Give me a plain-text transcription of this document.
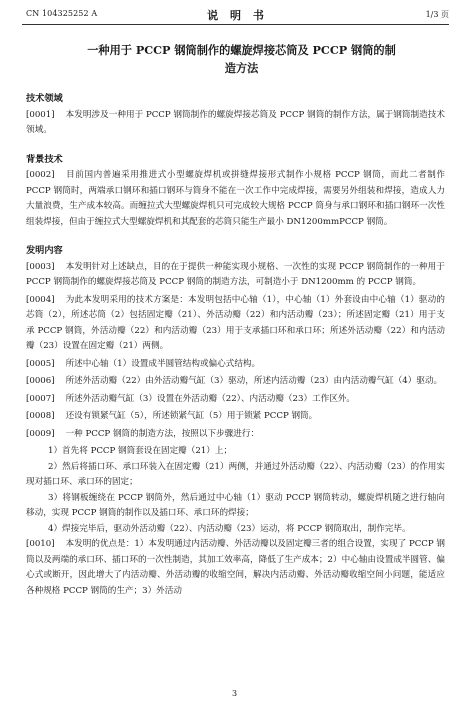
CN 104325252 A	说 明 书	1/3 页
一种用于 PCCP 钢筒制作的螺旋焊接芯筒及 PCCP 钢筒的制
造方法
技术领域

[0001] 本发明涉及一种用于 PCCP 钢筒制作的螺旋焊接芯筒及 PCCP 钢筒的制作方法，属于钢筒制造技术领域。

背景技术

[0002] 目前国内普遍采用推进式小型螺旋焊机或拼缝焊接形式制作小规格 PCCP 钢筒，而此二者制作 PCCP 钢筒时，两端承口钢环和插口钢环与筒身不能在一次工作中完成焊接，需要另外组装和焊接，造成人力大量浪费，生产成本较高。而缠拉式大型螺旋焊机只可完成较大规格 PCCP 筒身与承口钢环和插口钢环一次性组装焊接，但由于缠拉式大型螺旋焊机和其配套的芯筒只能生产最小 DN1200mmPCCP 钢筒。

发明内容

[0003] 本发明针对上述缺点，目的在于提供一种能实现小规格、一次性的实现 PCCP 钢筒制作的一种用于 PCCP 钢筒制作的螺旋焊接芯筒及 PCCP 钢筒的制造方法，可制造小于 DN1200mm 的 PCCP 钢筒。

[0004] 为此本发明采用的技术方案是：本发明包括中心轴（1），中心轴（1）外套设由中心轴（1）驱动的芯筒（2），所述芯筒（2）包括固定瓣（21）、外活动瓣（22）和内活动瓣（23）；所述固定瓣（21）用于支承 PCCP 钢筒，外活动瓣（22）和内活动瓣（23）用于支承插口环和承口环；所述外活动瓣（22）和内活动瓣（23）设置在固定瓣（21）两侧。

[0005] 所述中心轴（1）设置成半圆管结构或偏心式结构。

[0006] 所述外活动瓣（22）由外活动瓣气缸（3）驱动，所述内活动瓣（23）由内活动瓣气缸（4）驱动。

[0007] 所述外活动瓣气缸（3）设置在外活动瓣（22）、内活动瓣（23）工作区外。

[0008] 还设有锁紧气缸（5），所述锁紧气缸（5）用于锁紧 PCCP 钢筒。

[0009] 一种 PCCP 钢筒的制造方法，按照以下步骤进行：

1）首先将 PCCP 钢筒套设在固定瓣（21）上；

2）然后将插口环、承口环装入在固定瓣（21）两侧，并通过外活动瓣（22）、内活动瓣（23）的作用实现对插口环、承口环的固定；

3）将钢板缠绕在 PCCP 钢筒外，然后通过中心轴（1）驱动 PCCP 钢筒转动，螺旋焊机随之进行轴向移动，实现 PCCP 钢筒的制作以及插口环、承口环的焊接；

4）焊接完毕后，驱动外活动瓣（22）、内活动瓣（23）运动，将 PCCP 钢筒取出，制作完毕。

[0010] 本发明的优点是：1）本发明通过内活动瓣、外活动瓣以及固定瓣三者的组合设置，实现了 PCCP 钢筒以及两端的承口环、插口环的一次性制造，其加工效率高，降低了生产成本；2）中心轴由设置成半圆管、偏心式或断开，因此增大了内活动瓣、外活动瓣的收缩空间，解决内活动瓣、外活动瓣收缩空间小问题，能适应各种规格 PCCP 钢筒的生产；3）外活动

3
